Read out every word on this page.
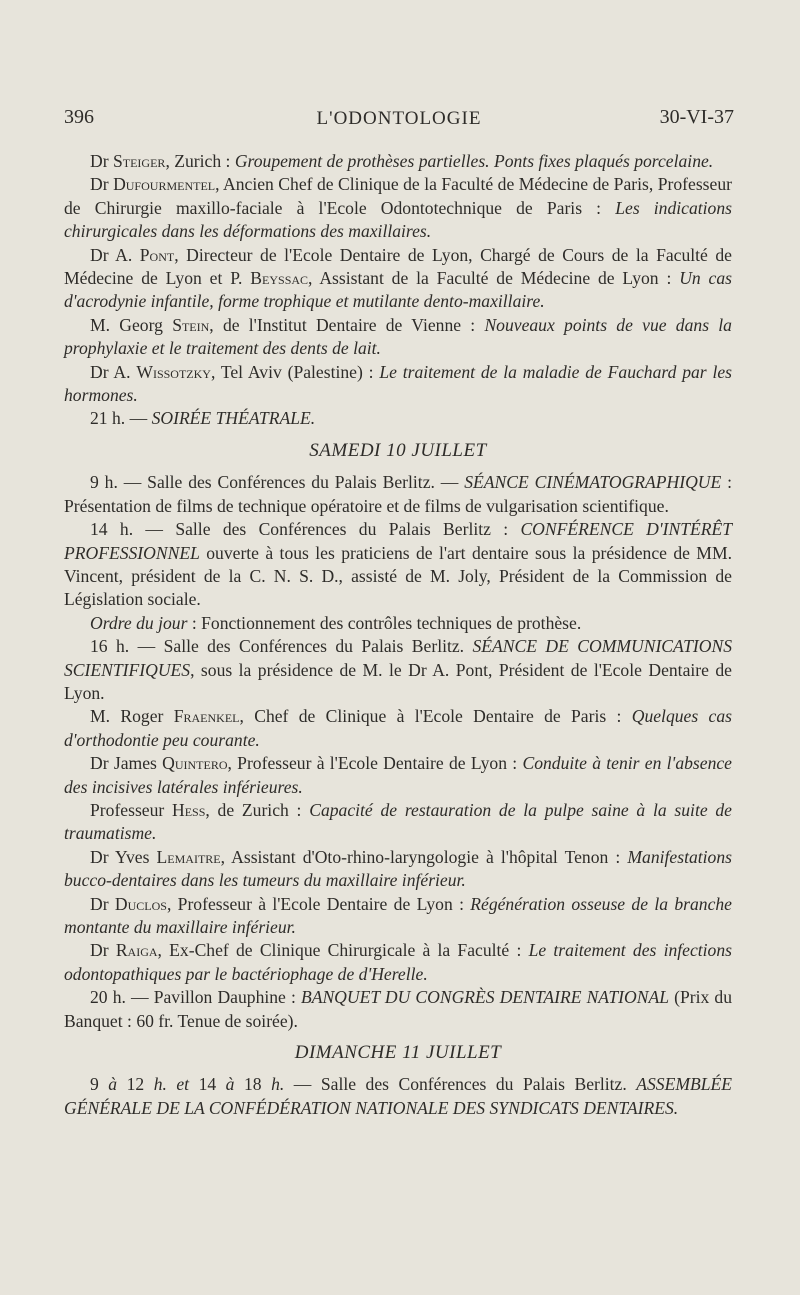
396	L'ODONTOLOGIE	30-VI-37

Dr Steiger, Zurich : Groupement de prothèses partielles. Ponts fixes plaqués porcelaine.

Dr Dufourmentel, Ancien Chef de Clinique de la Faculté de Médecine de Paris, Professeur de Chirurgie maxillo-faciale à l'Ecole Odontotechnique de Paris : Les indications chirurgicales dans les déformations des maxillaires.

Dr A. Pont, Directeur de l'Ecole Dentaire de Lyon, Chargé de Cours de la Faculté de Médecine de Lyon et P. Beyssac, Assistant de la Faculté de Médecine de Lyon : Un cas d'acrodynie infantile, forme trophique et mutilante dento-maxillaire.

M. Georg Stein, de l'Institut Dentaire de Vienne : Nouveaux points de vue dans la prophylaxie et le traitement des dents de lait.

Dr A. Wissotzky, Tel Aviv (Palestine) : Le traitement de la maladie de Fauchard par les hormones.

21 h. — SOIRÉE THÉATRALE.

SAMEDI 10 JUILLET

9 h. — Salle des Conférences du Palais Berlitz. — SÉANCE CINÉMATOGRAPHIQUE : Présentation de films de technique opératoire et de films de vulgarisation scientifique.

14 h. — Salle des Conférences du Palais Berlitz : CONFÉRENCE D'INTÉRÊT PROFESSIONNEL ouverte à tous les praticiens de l'art dentaire sous la présidence de MM. Vincent, président de la C. N. S. D., assisté de M. Joly, Président de la Commission de Législation sociale.

Ordre du jour : Fonctionnement des contrôles techniques de prothèse.

16 h. — Salle des Conférences du Palais Berlitz. SÉANCE DE COMMUNICATIONS SCIENTIFIQUES, sous la présidence de M. le Dr A. Pont, Président de l'Ecole Dentaire de Lyon.

M. Roger Fraenkel, Chef de Clinique à l'Ecole Dentaire de Paris : Quelques cas d'orthodontie peu courante.

Dr James Quintero, Professeur à l'Ecole Dentaire de Lyon : Conduite à tenir en l'absence des incisives latérales inférieures.

Professeur Hess, de Zurich : Capacité de restauration de la pulpe saine à la suite de traumatisme.

Dr Yves Lemaitre, Assistant d'Oto-rhino-laryngologie à l'hôpital Tenon : Manifestations bucco-dentaires dans les tumeurs du maxillaire inférieur.

Dr Duclos, Professeur à l'Ecole Dentaire de Lyon : Régénération osseuse de la branche montante du maxillaire inférieur.

Dr Raiga, Ex-Chef de Clinique Chirurgicale à la Faculté : Le traitement des infections odontopathiques par le bactériophage de d'Herelle.

20 h. — Pavillon Dauphine : BANQUET DU CONGRÈS DENTAIRE NATIONAL (Prix du Banquet : 60 fr. Tenue de soirée).

DIMANCHE 11 JUILLET

9 à 12 h. et 14 à 18 h. — Salle des Conférences du Palais Berlitz. ASSEMBLÉE GÉNÉRALE DE LA CONFÉDÉRATION NATIONALE DES SYNDICATS DENTAIRES.
